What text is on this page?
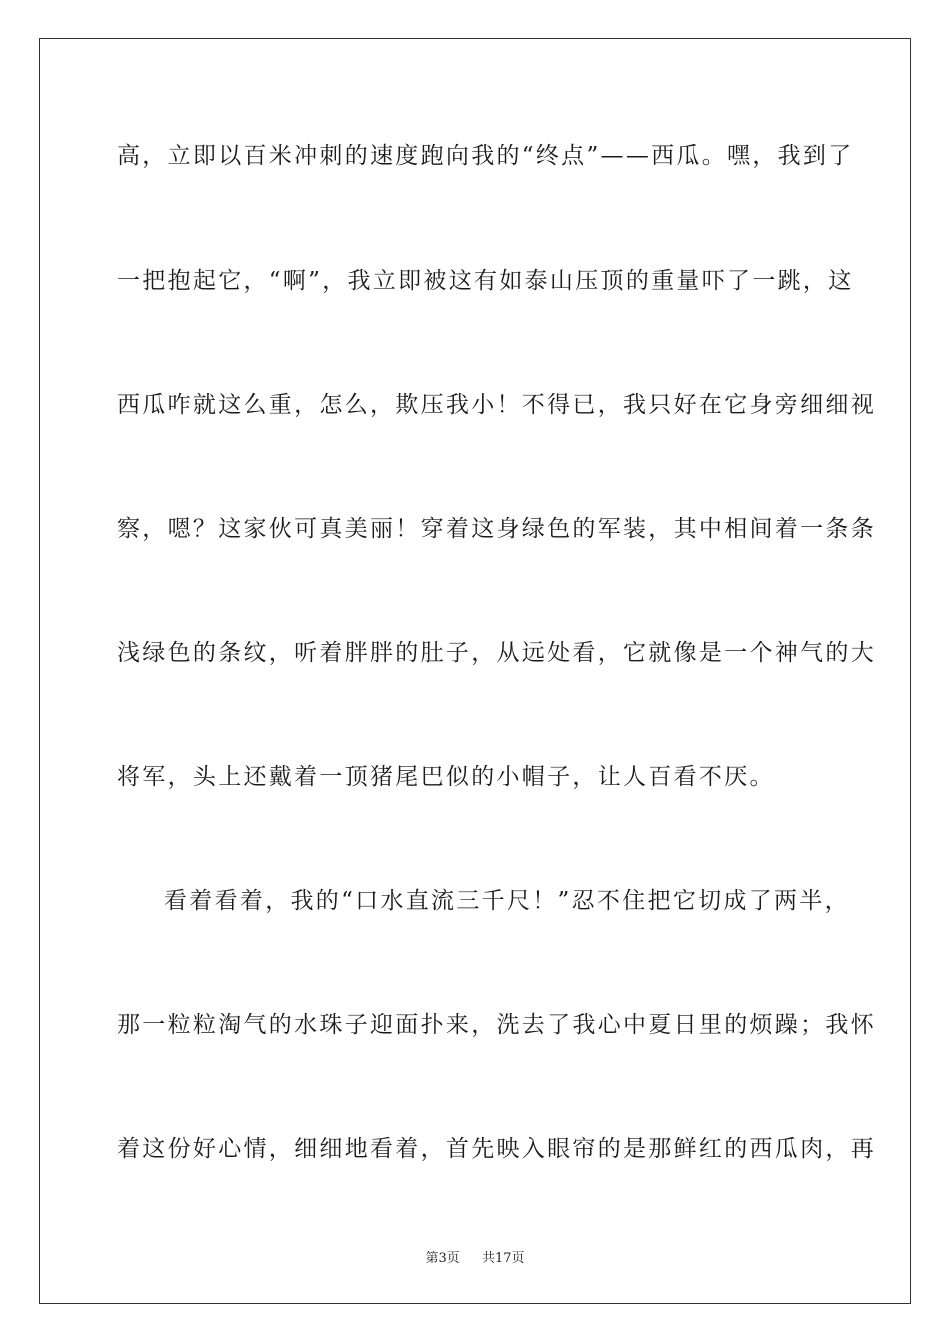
高，立即以百米冲刺的速度跑向我的“终点”——西瓜。嘿，我到了
一把抱起它，“啊”，我立即被这有如泰山压顶的重量吓了一跳，这
西瓜咋就这么重，怎么，欺压我小！不得已，我只好在它身旁细细视
察，嗯？这家伙可真美丽！穿着这身绿色的军装，其中相间着一条条
浅绿色的条纹，听着胖胖的肚子，从远处看，它就像是一个神气的大
将军，头上还戴着一顶猪尾巴似的小帽子，让人百看不厌。
看着看着，我的“口水直流三千尺！”忍不住把它切成了两半，
那一粒粒淘气的水珠子迎面扑来，洗去了我心中夏日里的烦躁；我怀
着这份好心情，细细地看着，首先映入眼帘的是那鲜红的西瓜肉，再
第3页 共17页
